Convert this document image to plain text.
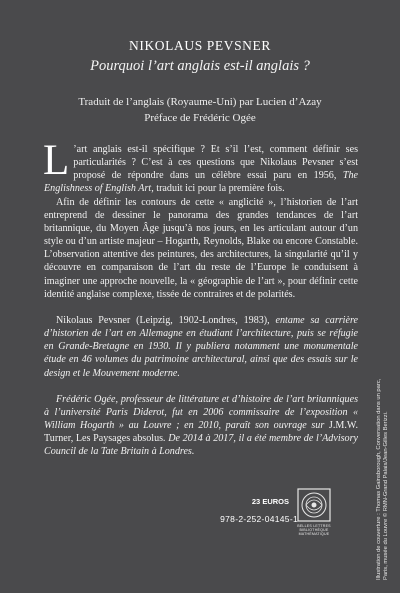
NIKOLAUS PEVSNER
Pourquoi l’art anglais est-il anglais ?
Traduit de l’anglais (Royaume-Uni) par Lucien d’Azay
Préface de Frédéric Ogée

L ’art anglais est-il spécifique ? Et s’il l’est, comment définir ses particularités ? C’est à ces questions que Nikolaus Pevsner s’est proposé de répondre dans un célèbre essai paru en 1956, The Englishness of English Art, traduit ici pour la première fois.

Afin de définir les contours de cette « anglicité », l’historien de l’art entreprend de dessiner le panorama des grandes tendances de l’art britannique, du Moyen Âge jusqu’à nos jours, en les articulant autour d’un style ou d’un artiste majeur – Hogarth, Reynolds, Blake ou encore Constable. L’observation attentive des peintures, des architectures, la singularité qu’il y découvre en comparaison de l’art du reste de l’Europe le conduisent à imaginer une approche nouvelle, la « géographie de l’art », pour définir cette identité anglaise complexe, tissée de contraires et de polarités.

Nikolaus Pevsner (Leipzig, 1902-Londres, 1983), entame sa carrière d’historien de l’art en Allemagne en étudiant l’architecture, puis se réfugie en Grande-Bretagne en 1930. Il y publiera notamment une monumentale étude en 46 volumes du patrimoine architectural, ainsi que des essais sur le design et le Mouvement moderne.

Frédéric Ogée, professeur de littérature et d’histoire de l’art britanniques à l’université Paris Diderot, fut en 2006 commissaire de l’exposition « William Hogarth » au Louvre ; en 2010, paraît son ouvrage sur J.M.W. Turner, Les Paysages absolus. De 2014 à 2017, il a été membre de l’Advisory Council de la Tate Britain à Londres.

23 EUROS
978-2-252-04145-1
BELLES LETTRES
BIBLIOTHÈQUE
MATHÉMATIQUE	Illustration de couverture : Thomas Gainsborough, Conversation dans un parc, Paris, musée du Louvre © RMN-Grand Palais/Jean-Gilles Berizzi.
